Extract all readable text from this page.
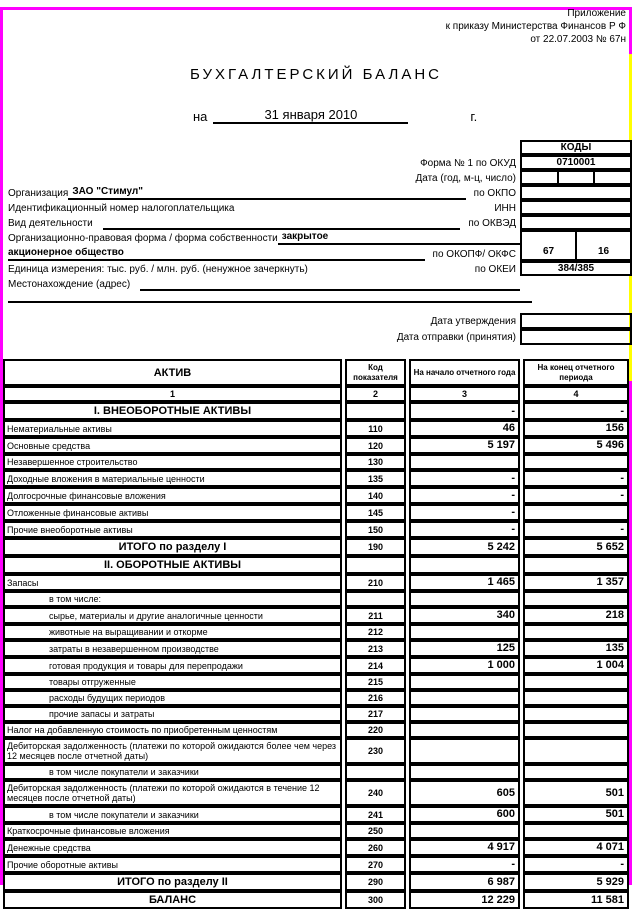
Приложение
к приказу Министерства Финансов Р Ф
от 22.07.2003 № 67н
БУХГАЛТЕРСКИЙ БАЛАНС
на	31 января 2010	г.
КОДЫ
Форма № 1 по ОКУД	0710001
Дата (год, м-ц, число)
Организация ЗАО "Стимул"	по ОКПО
Идентификационный номер налогоплательщика	ИНН
Вид деятельности
	по ОКВЭД
Организационно-правовая форма / форма собственности закрытое
акционерное общество	по ОКОПФ/ ОКФС	67	16
Единица измерения: тыс. руб. / млн. руб. (ненужное зачеркнуть)	по ОКЕИ	384/385
Местонахождение (адрес)

Дата утверждения
Дата отправки (принятия)
АКТИВ	Код показателя	На начало отчетного года	На конец отчетного периода
1	2	3	4
I. ВНЕОБОРОТНЫЕ АКТИВЫ		-	-
Нематериальные активы	110	46	156
Основные средства	120	5 197	5 496
Незавершенное строительство	130		
Доходные вложения в материальные ценности	135	-	-
Долгосрочные финансовые вложения	140	-	-
Отложенные финансовые активы	145	-	
Прочие внеоборотные активы	150	-	-
ИТОГО по разделу I	190	5 242	5 652
II. ОБОРОТНЫЕ АКТИВЫ			
Запасы	210	1 465	1 357
в том числе:			
сырье, материалы и другие аналогичные ценности	211	340	218
животные на выращивании и откорме	212		
затраты в незавершенном производстве	213	125	135
готовая продукция и товары для перепродажи	214	1 000	1 004
товары отгруженные	215		
расходы будущих периодов	216		
прочие запасы и затраты	217		
Налог на добавленную стоимость по приобретенным ценностям	220		
Дебиторская задолженность (платежи по которой ожидаются более чем через 12 месяцев после отчетной даты)	230		
в том числе покупатели и заказчики			
Дебиторская задолженность (платежи по которой ожидаются в течение 12 месяцев после отчетной даты)	240	605	501
в том числе покупатели и заказчики	241	600	501
Краткосрочные финансовые вложения	250		
Денежные средства	260	4 917	4 071
Прочие оборотные активы	270	-	-
ИТОГО по разделу II	290	6 987	5 929
БАЛАНС	300	12 229	11 581
